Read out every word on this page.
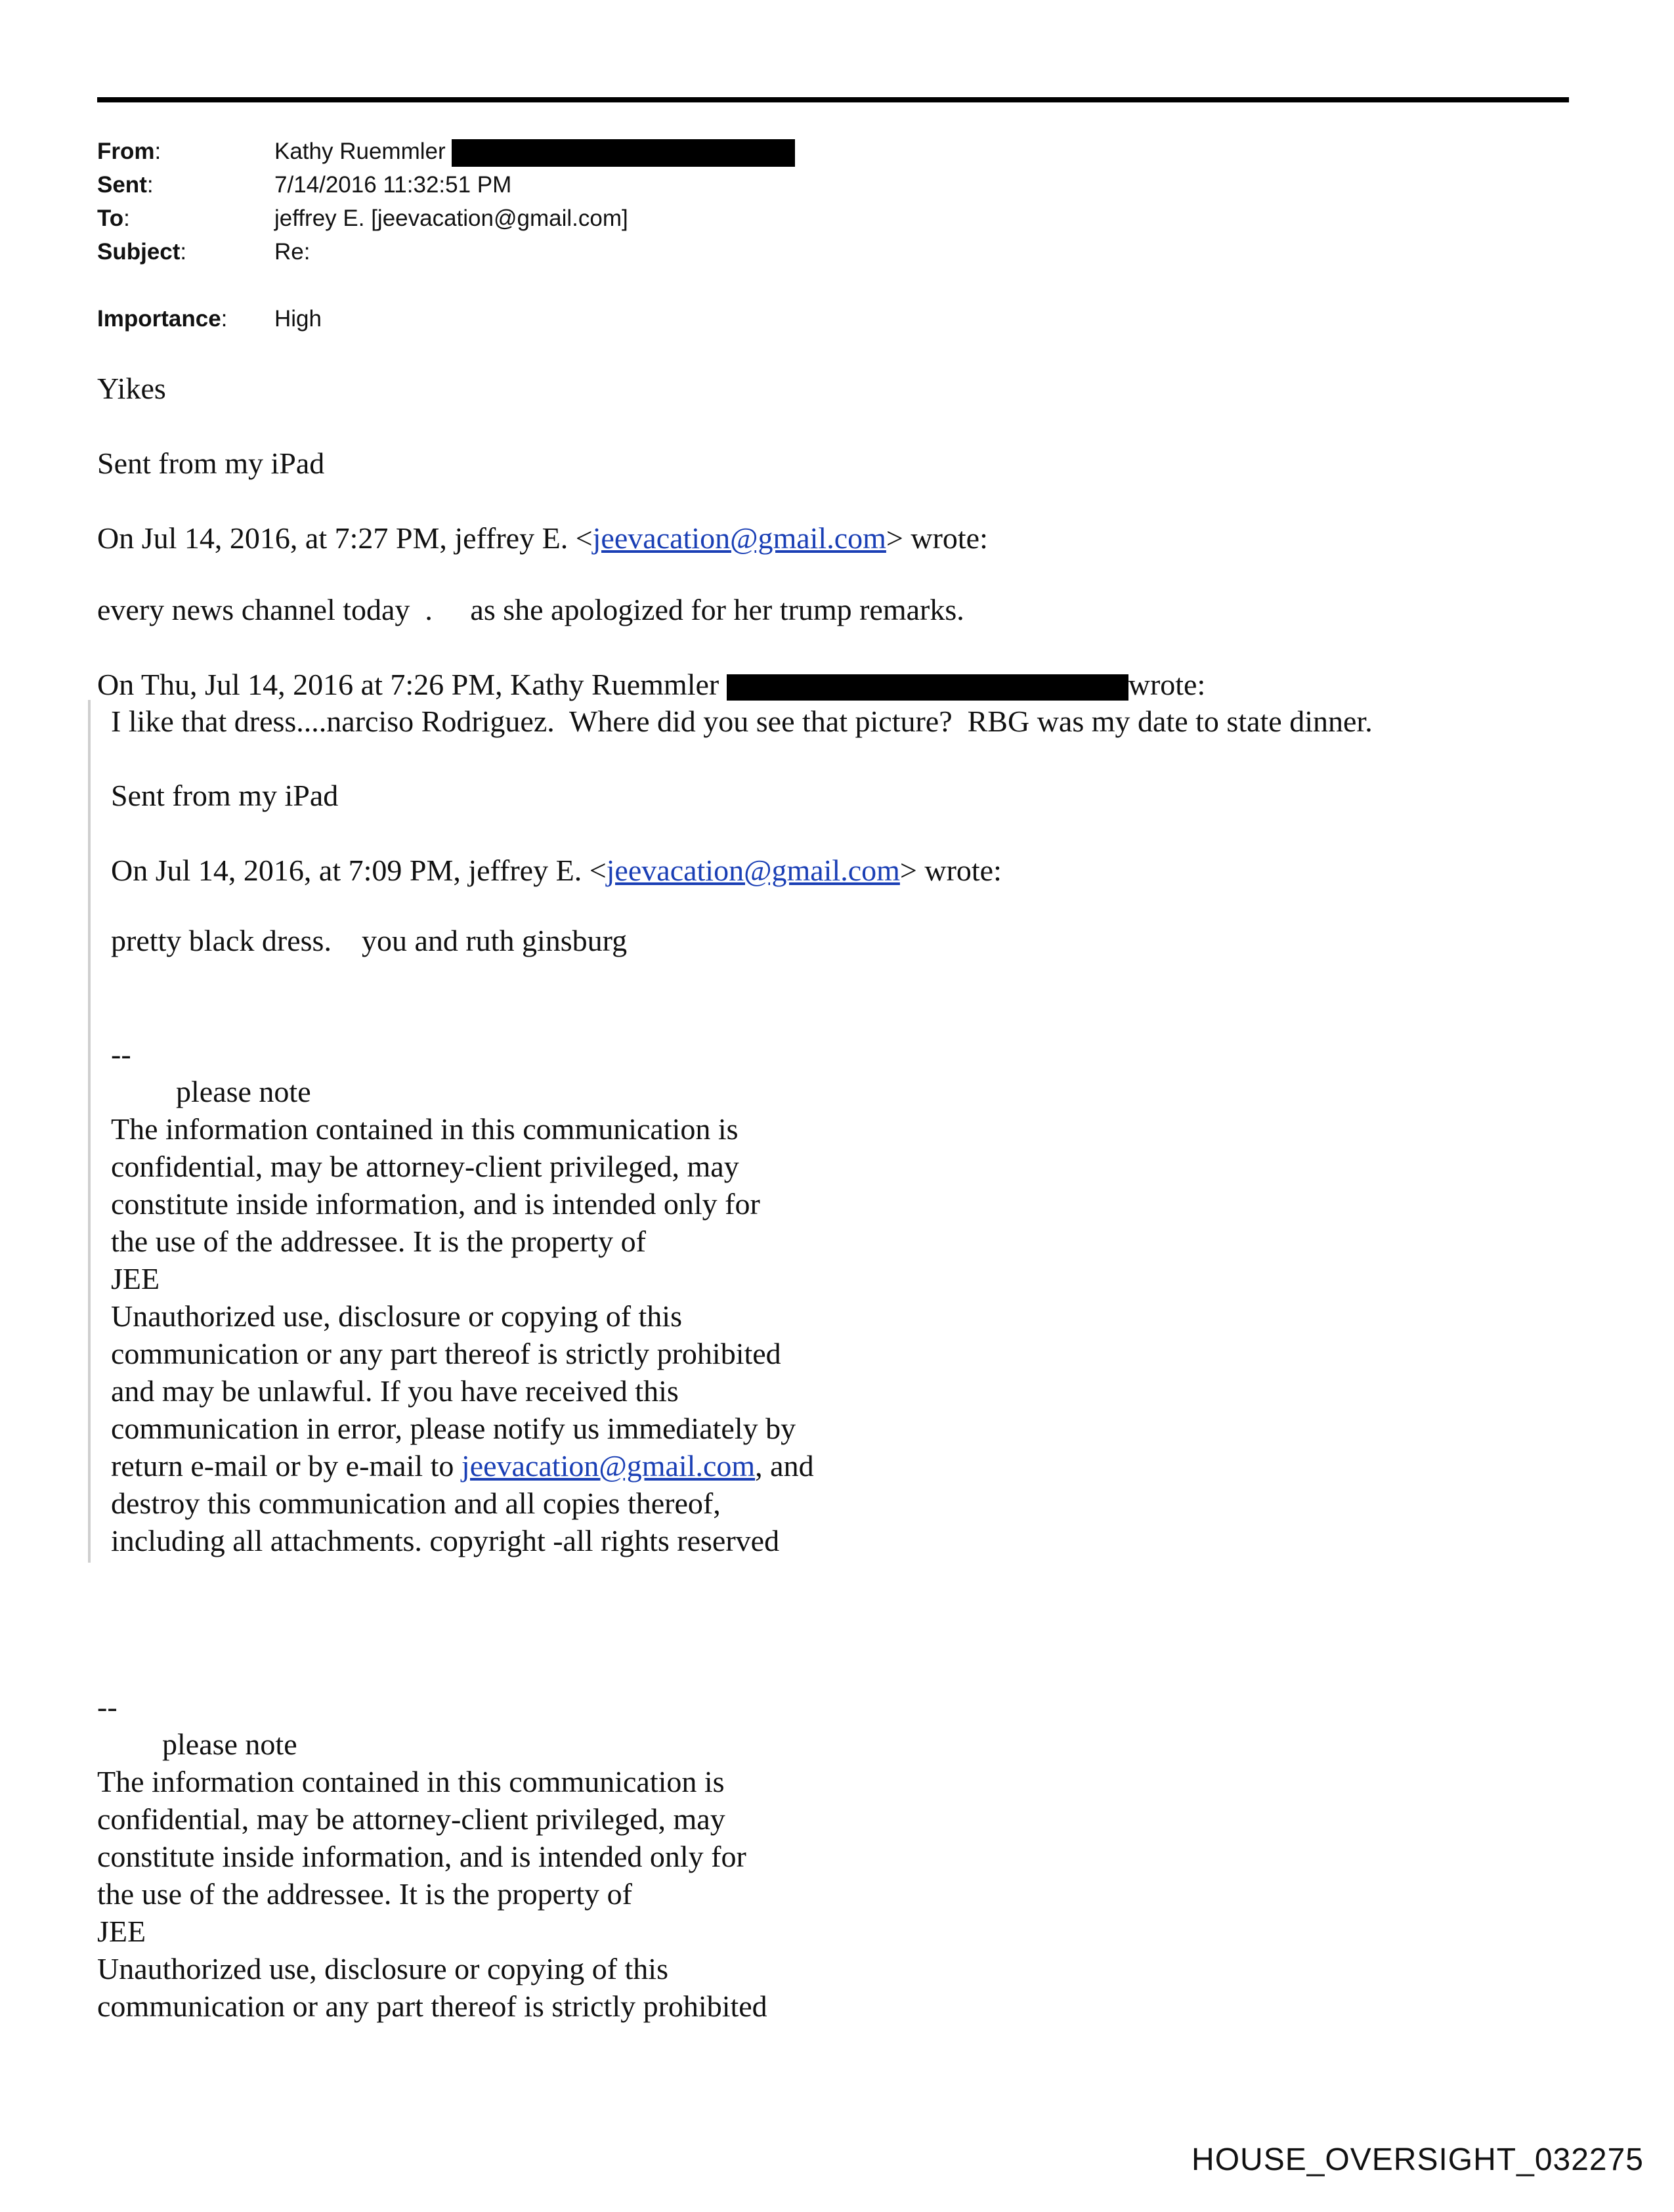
From:	Kathy Ruemmler
Sent:	7/14/2016 11:32:51 PM
To:	jeffrey E. [jeevacation@gmail.com]
Subject:	Re:
Importance:	High
Yikes
Sent from my iPad
On Jul 14, 2016, at 7:27 PM, jeffrey E. <jeevacation@gmail.com> wrote:
every news channel today  .     as she apologized for her trump remarks.
On Thu, Jul 14, 2016 at 7:26 PM, Kathy Ruemmler	wrote:
I like that dress....narciso Rodriguez.  Where did you see that picture?  RBG was my date to state dinner.
Sent from my iPad
On Jul 14, 2016, at 7:09 PM, jeffrey E. <jeevacation@gmail.com> wrote:
pretty black dress.    you and ruth ginsburg
--
please note
The information contained in this communication is
confidential, may be attorney-client privileged, may
constitute inside information, and is intended only for
the use of the addressee. It is the property of
JEE
Unauthorized use, disclosure or copying of this
communication or any part thereof is strictly prohibited
and may be unlawful. If you have received this
communication in error, please notify us immediately by
return e-mail or by e-mail to jeevacation@gmail.com, and
destroy this communication and all copies thereof,
including all attachments. copyright -all rights reserved
--
please note
The information contained in this communication is
confidential, may be attorney-client privileged, may
constitute inside information, and is intended only for
the use of the addressee. It is the property of
JEE
Unauthorized use, disclosure or copying of this
communication or any part thereof is strictly prohibited
HOUSE_OVERSIGHT_032275
